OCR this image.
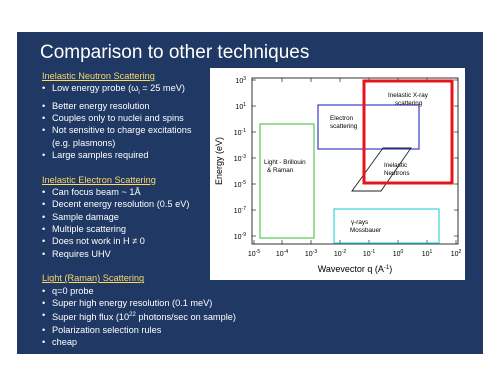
Comparison to other techniques
Inelastic Neutron Scattering
• Low energy probe ($\omega_i = 25$ meV)
• Better energy resolution
• Couples only to nuclei and spins
• Not sensitive to charge excitations
(e.g. plasmons)
• Large samples required
Inelastic Electron Scattering
• Can focus beam ~ 1Å
• Decent energy resolution (0.5 eV)
• Sample damage
• Multiple scattering
• Does not work in H ≠ 0
• Requires UHV
Light (Raman) Scattering
• q=0 probe
• Super high energy resolution (0.1 meV)
• Super high flux ($10^{22}$ photons/sec on sample)
• Polarization selection rules
• cheap
$10^3$
$10^1$
$10^{-1}$
$10^{-3}$
$10^{-5}$
$10^{-7}$
$10^{-9}$
$10^{-5}$ $10^{-4}$ $10^{-3}$ $10^{-2}$ $10^{-1}$	$10^0$	$10^1$	$10^2$
Wavevector q $(A^{-1})$
Energy (eV)	Light - Brillouin
& Raman
Electron
scattering
Inelastic
Neutrons
Inelastic X-ray
scattering
γ-rays
Mossbauer
